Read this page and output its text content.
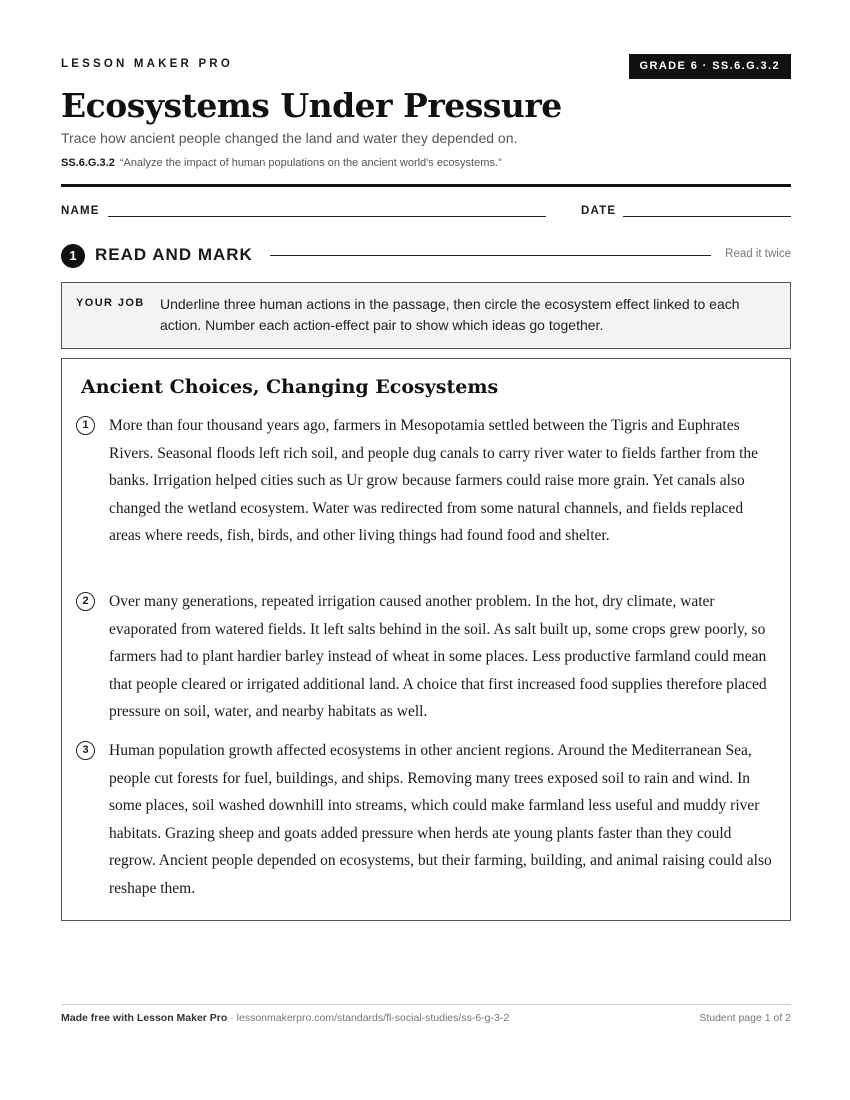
LESSON MAKER PRO	GRADE 6 · SS.6.G.3.2
Ecosystems Under Pressure
Trace how ancient people changed the land and water they depended on.
SS.6.G.3.2 “Analyze the impact of human populations on the ancient world's ecosystems.”
NAME	DATE
1	READ AND MARK	Read it twice
YOUR JOB Underline three human actions in the passage, then circle the ecosystem effect linked to each action. Number each action-effect pair to show which ideas go together.
Ancient Choices, Changing Ecosystems
1	More than four thousand years ago, farmers in Mesopotamia settled between the Tigris and Euphrates Rivers. Seasonal floods left rich soil, and people dug canals to carry river water to fields farther from the banks. Irrigation helped cities such as Ur grow because farmers could raise more grain. Yet canals also changed the wetland ecosystem. Water was redirected from some natural channels, and fields replaced areas where reeds, fish, birds, and other living things had found food and shelter.

2	Over many generations, repeated irrigation caused another problem. In the hot, dry climate, water evaporated from watered fields. It left salts behind in the soil. As salt built up, some crops grew poorly, so farmers had to plant hardier barley instead of wheat in some places. Less productive farmland could mean that people cleared or irrigated additional land. A choice that first increased food supplies therefore placed pressure on soil, water, and nearby habitats as well.

3	Human population growth affected ecosystems in other ancient regions. Around the Mediterranean Sea, people cut forests for fuel, buildings, and ships. Removing many trees exposed soil to rain and wind. In some places, soil washed downhill into streams, which could make farmland less useful and muddy river habitats. Grazing sheep and goats added pressure when herds ate young plants faster than they could regrow. Ancient people depended on ecosystems, but their farming, building, and animal raising could also reshape them.

Made free with Lesson Maker Pro · lessonmakerpro.com/standards/fl-social-studies/ss-6-g-3-2	Student page 1 of 2
